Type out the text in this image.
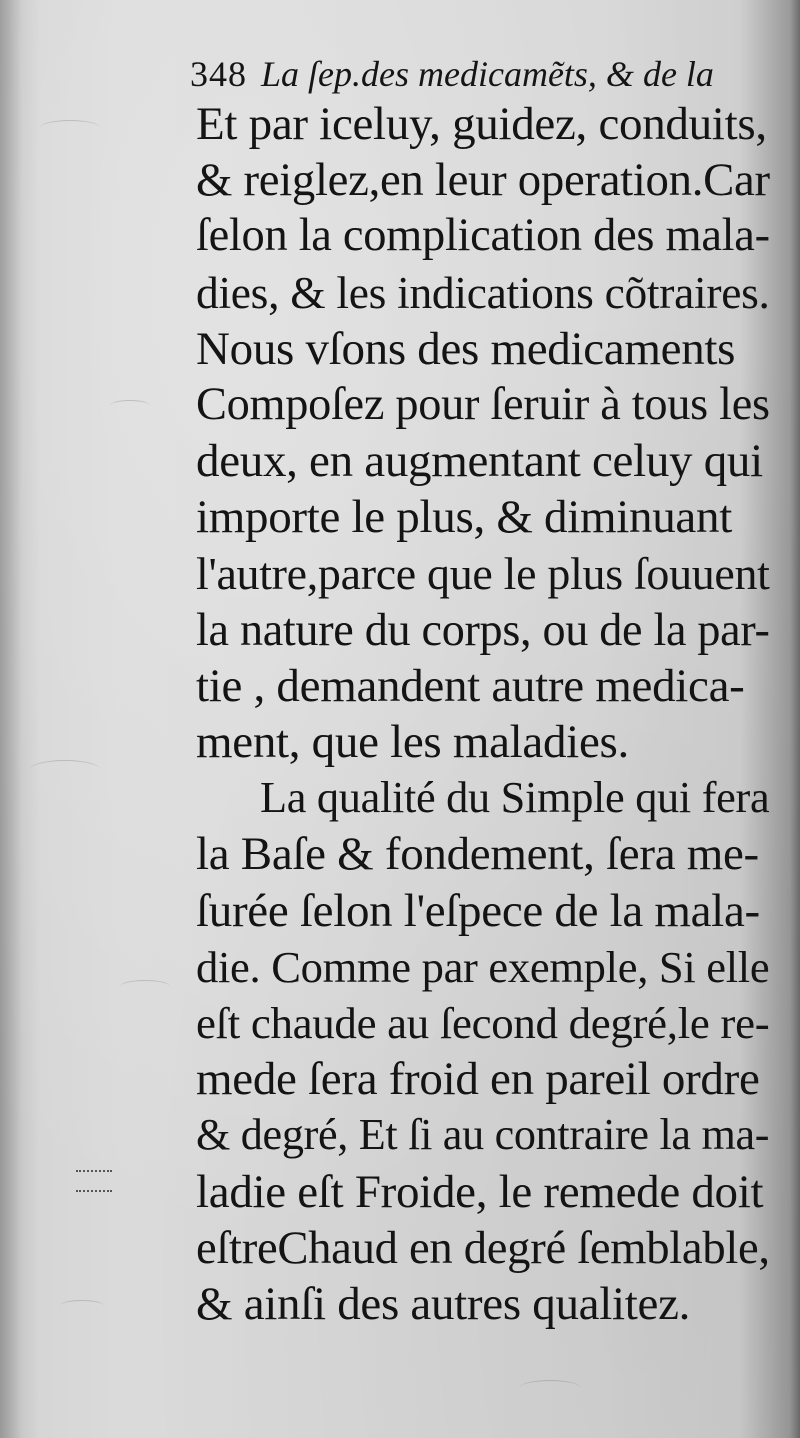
348 La ſep.des medicamẽts, & de la
Et par iceluy, guidez, conduits,
& reiglez,en leur operation.Car
ſelon la complication des mala-
dies, & les indications cõtraires.
Nous vſons des medicaments
Compoſez pour ſeruir à tous les
deux, en augmentant celuy qui
importe le plus, & diminuant
l'autre,parce que le plus ſouuent
la nature du corps, ou de la par-
tie , demandent autre medica-
ment, que les maladies.
La qualité du Simple qui fera
la Baſe & fondement, ſera me-
ſurée ſelon l'eſpece de la mala-
die. Comme par exemple, Si elle
eſt chaude au ſecond degré,le re-
mede ſera froid en pareil ordre
& degré, Et ſi au contraire la ma-
ladie eſt Froide, le remede doit
eſtreChaud en degré ſemblable,
& ainſi des autres qualitez.
